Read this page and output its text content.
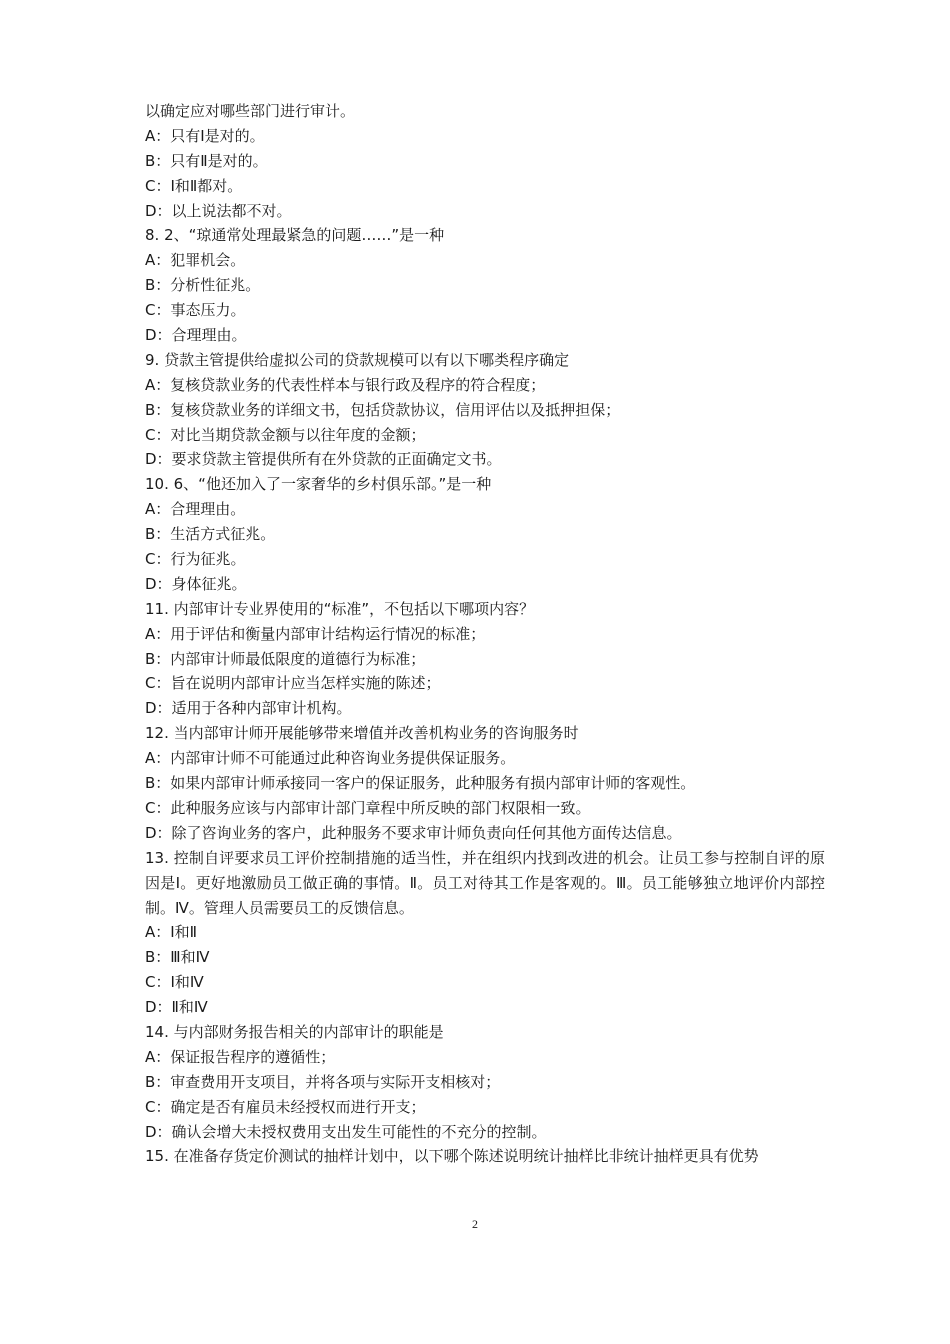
以确定应对哪些部门进行审计。
A：只有Ⅰ是对的。
B：只有Ⅱ是对的。
C：Ⅰ和Ⅱ都对。
D：以上说法都不对。
8. 2、“琼通常处理最紧急的问题……”是一种
A：犯罪机会。
B：分析性征兆。
C：事态压力。
D：合理理由。
9. 贷款主管提供给虚拟公司的贷款规模可以有以下哪类程序确定
A：复核贷款业务的代表性样本与银行政及程序的符合程度；
B：复核贷款业务的详细文书，包括贷款协议，信用评估以及抵押担保；
C：对比当期贷款金额与以往年度的金额；
D：要求贷款主管提供所有在外贷款的正面确定文书。
10. 6、“他还加入了一家奢华的乡村俱乐部。”是一种
A：合理理由。
B：生活方式征兆。
C：行为征兆。
D：身体征兆。
11. 内部审计专业界使用的“标准”，不包括以下哪项内容？
A：用于评估和衡量内部审计结构运行情况的标准；
B：内部审计师最低限度的道德行为标准；
C：旨在说明内部审计应当怎样实施的陈述；
D：适用于各种内部审计机构。
12. 当内部审计师开展能够带来增值并改善机构业务的咨询服务时
A：内部审计师不可能通过此种咨询业务提供保证服务。
B：如果内部审计师承接同一客户的保证服务，此种服务有损内部审计师的客观性。
C：此种服务应该与内部审计部门章程中所反映的部门权限相一致。
D：除了咨询业务的客户，此种服务不要求审计师负责向任何其他方面传达信息。
13. 控制自评要求员工评价控制措施的适当性，并在组织内找到改进的机会。让员工参与控制自评的原因是Ⅰ。更好地激励员工做正确的事情。Ⅱ。员工对待其工作是客观的。Ⅲ。员工能够独立地评价内部控制。Ⅳ。管理人员需要员工的反馈信息。
A：Ⅰ和Ⅱ
B：Ⅲ和Ⅳ
C：Ⅰ和Ⅳ
D：Ⅱ和Ⅳ
14. 与内部财务报告相关的内部审计的职能是
A：保证报告程序的遵循性；
B：审查费用开支项目，并将各项与实际开支相核对；
C：确定是否有雇员未经授权而进行开支；
D：确认会增大未授权费用支出发生可能性的不充分的控制。
15. 在准备存货定价测试的抽样计划中，以下哪个陈述说明统计抽样比非统计抽样更具有优势
2
